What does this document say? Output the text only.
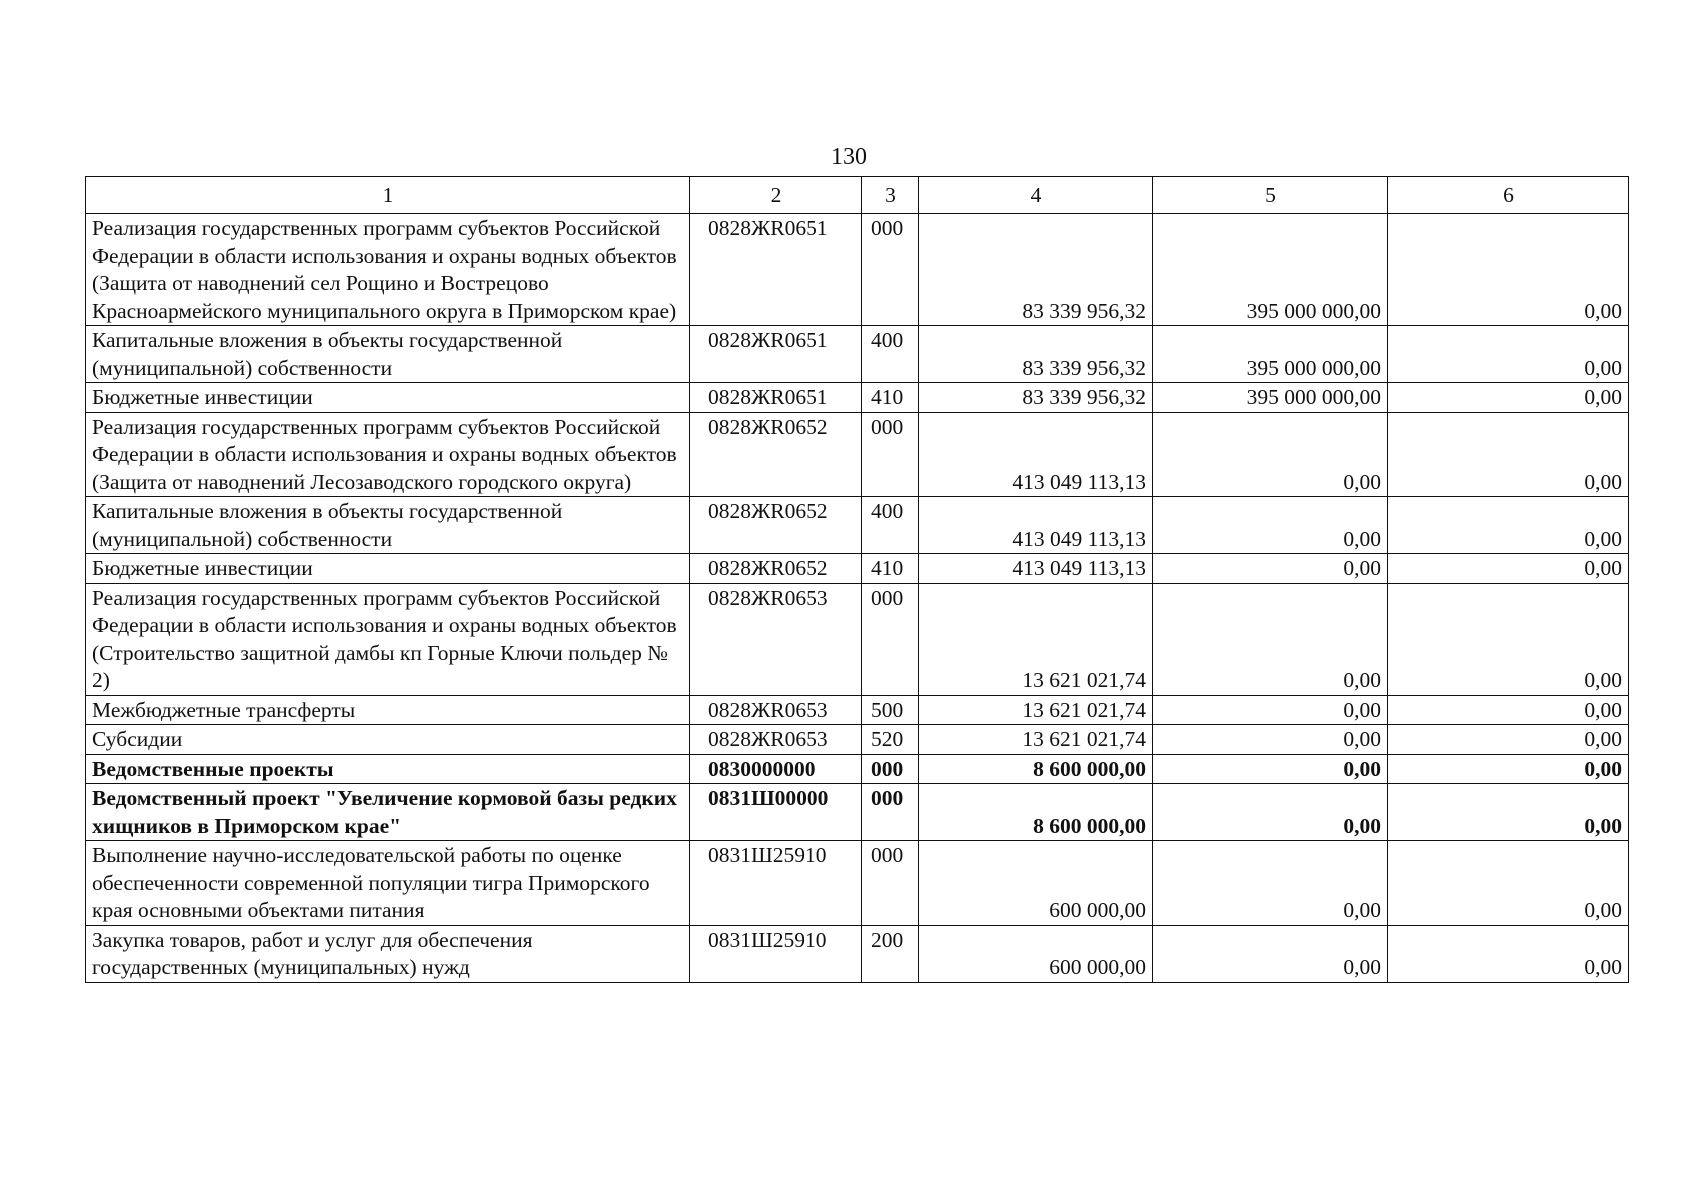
130
1	2	3	4	5	6
Реализация государственных программ субъектов Российской Федерации в области использования и охраны водных объектов (Защита от наводнений сел Рощино и Вострецово Красноармейского муниципального округа в Приморском крае)	0828ЖR0651	000	83 339 956,32	395 000 000,00	0,00
Капитальные вложения в объекты государственной (муниципальной) собственности	0828ЖR0651	400	83 339 956,32	395 000 000,00	0,00
Бюджетные инвестиции	0828ЖR0651	410	83 339 956,32	395 000 000,00	0,00
Реализация государственных программ субъектов Российской Федерации в области использования и охраны водных объектов (Защита от наводнений Лесозаводского городского округа)	0828ЖR0652	000	413 049 113,13	0,00	0,00
Капитальные вложения в объекты государственной (муниципальной) собственности	0828ЖR0652	400	413 049 113,13	0,00	0,00
Бюджетные инвестиции	0828ЖR0652	410	413 049 113,13	0,00	0,00
Реализация государственных программ субъектов Российской Федерации в области использования и охраны водных объектов (Строительство защитной дамбы кп Горные Ключи польдер № 2)	0828ЖR0653	000	13 621 021,74	0,00	0,00
Межбюджетные трансферты	0828ЖR0653	500	13 621 021,74	0,00	0,00
Субсидии	0828ЖR0653	520	13 621 021,74	0,00	0,00
Ведомственные проекты	0830000000	000	8 600 000,00	0,00	0,00
Ведомственный проект "Увеличение кормовой базы редких хищников в Приморском крае"	0831Ш00000	000	8 600 000,00	0,00	0,00
Выполнение научно-исследовательской работы по оценке обеспеченности современной популяции тигра Приморского края основными объектами питания	0831Ш25910	000	600 000,00	0,00	0,00
Закупка товаров, работ и услуг для обеспечения государственных (муниципальных) нужд	0831Ш25910	200	600 000,00	0,00	0,00
